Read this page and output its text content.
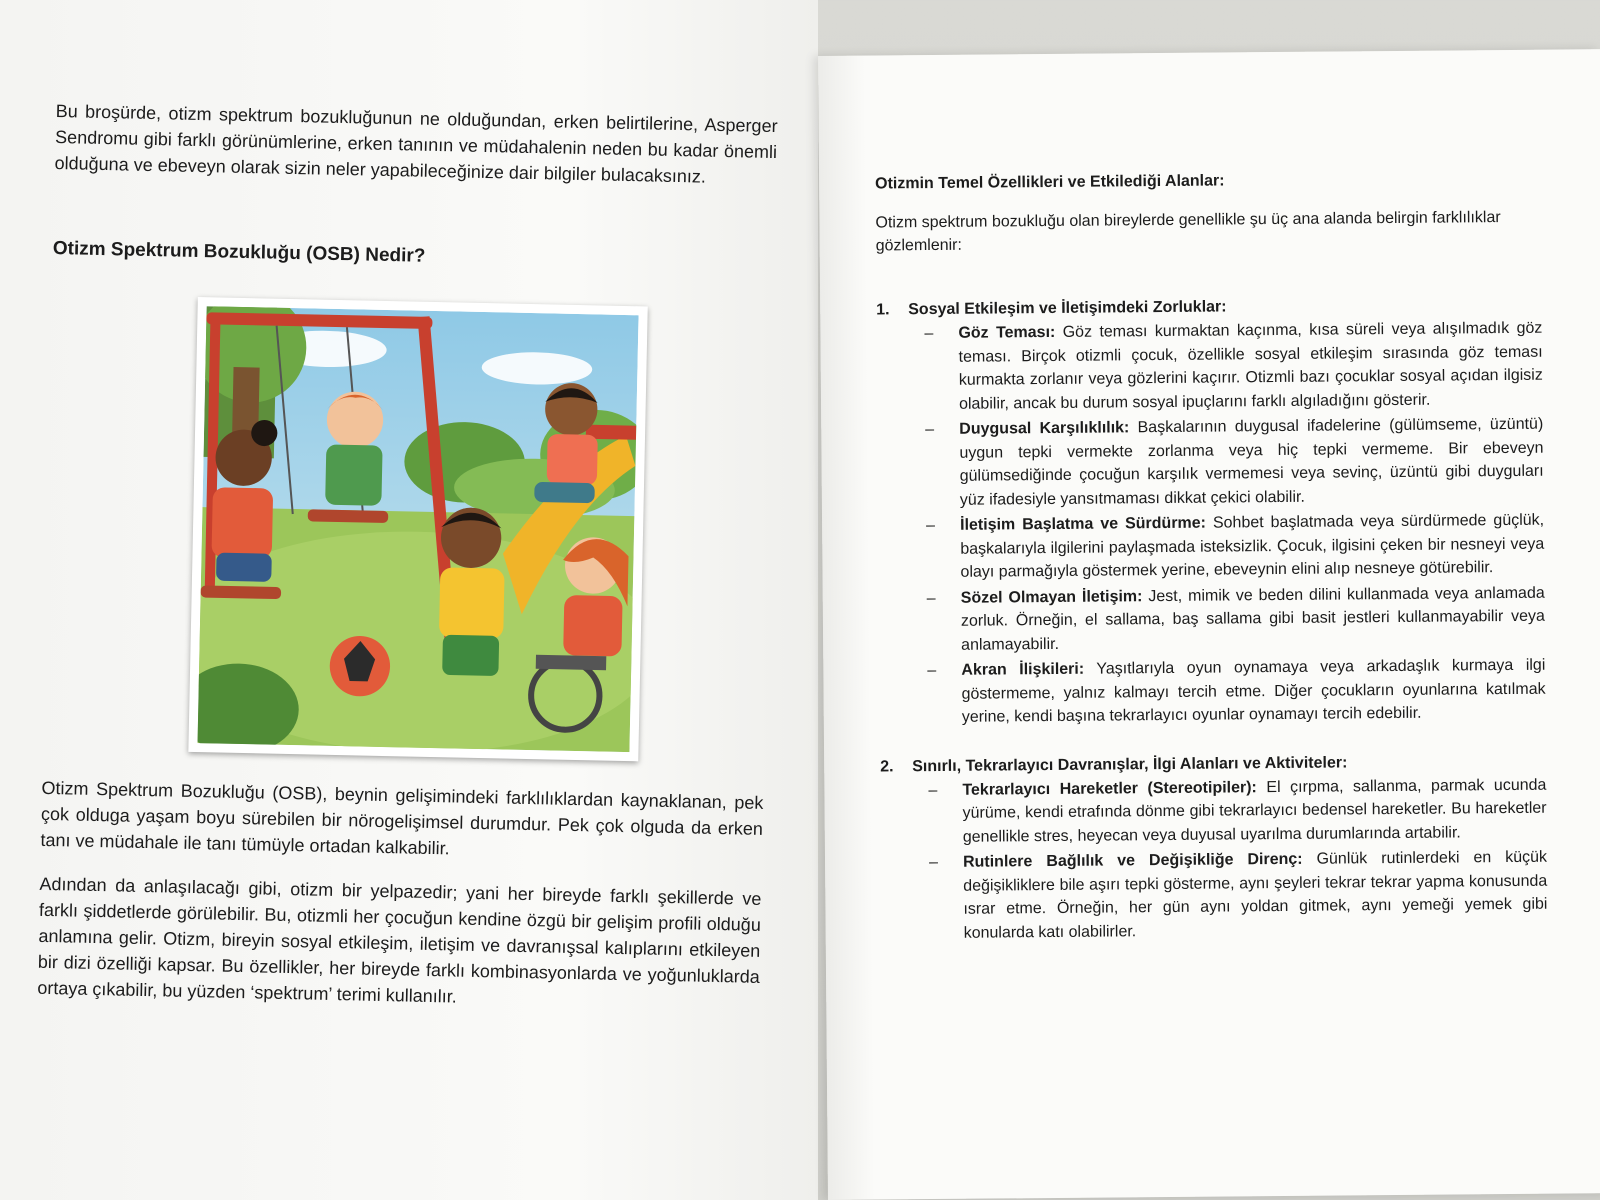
Bu broşürde, otizm spektrum bozukluğunun ne olduğundan, erken belirtilerine, Asperger Sendromu gibi farklı görünümlerine, erken tanının ve müdahalenin neden bu kadar önemli olduğuna ve ebeveyn olarak sizin neler yapabileceğinize dair bilgiler bulacaksınız.

Otizm Spektrum Bozukluğu (OSB) Nedir?

Otizm Spektrum Bozukluğu (OSB), beynin gelişimindeki farklılıklardan kaynaklanan, pek çok olduga yaşam boyu sürebilen bir nörogelişimsel durumdur. Pek çok olguda da erken tanı ve müdahale ile tanı tümüyle ortadan kalkabilir.

Adından da anlaşılacağı gibi, otizm bir yelpazedir; yani her bireyde farklı şekillerde ve farklı şiddetlerde görülebilir. Bu, otizmli her çocuğun kendine özgü bir gelişim profili olduğu anlamına gelir. Otizm, bireyin sosyal etkileşim, iletişim ve davranışsal kalıplarını etkileyen bir dizi özelliği kapsar. Bu özellikler, her bireyde farklı kombinasyonlarda ve yoğunluklarda ortaya çıkabilir, bu yüzden ‘spektrum’ terimi kullanılır.

Otizmin Temel Özellikleri ve Etkilediği Alanlar:

Otizm spektrum bozukluğu olan bireylerde genellikle şu üç ana alanda belirgin farklılıklar gözlemlenir:

1.	Sosyal Etkileşim ve İletişimdeki Zorluklar:
–	Göz Teması: Göz teması kurmaktan kaçınma, kısa süreli veya alışılmadık göz teması. Birçok otizmli çocuk, özellikle sosyal etkileşim sırasında göz teması kurmakta zorlanır veya gözlerini kaçırır. Otizmli bazı çocuklar sosyal açıdan ilgisiz olabilir, ancak bu durum sosyal ipuçlarını farklı algıladığını gösterir.
–	Duygusal Karşılıklılık: Başkalarının duygusal ifadelerine (gülümseme, üzüntü) uygun tepki vermekte zorlanma veya hiç tepki vermeme. Bir ebeveyn gülümsediğinde çocuğun karşılık vermemesi veya sevinç, üzüntü gibi duyguları yüz ifadesiyle yansıtmaması dikkat çekici olabilir.
–	İletişim Başlatma ve Sürdürme: Sohbet başlatmada veya sürdürmede güçlük, başkalarıyla ilgilerini paylaşmada isteksizlik. Çocuk, ilgisini çeken bir nesneyi veya olayı parmağıyla göstermek yerine, ebeveynin elini alıp nesneye götürebilir.
–	Sözel Olmayan İletişim: Jest, mimik ve beden dilini kullanmada veya anlamada zorluk. Örneğin, el sallama, baş sallama gibi basit jestleri kullanmayabilir veya anlamayabilir.
–	Akran İlişkileri: Yaşıtlarıyla oyun oynamaya veya arkadaşlık kurmaya ilgi göstermeme, yalnız kalmayı tercih etme. Diğer çocukların oyunlarına katılmak yerine, kendi başına tekrarlayıcı oyunlar oynamayı tercih edebilir.
2.	Sınırlı, Tekrarlayıcı Davranışlar, İlgi Alanları ve Aktiviteler:
–	Tekrarlayıcı Hareketler (Stereotipiler): El çırpma, sallanma, parmak ucunda yürüme, kendi etrafında dönme gibi tekrarlayıcı bedensel hareketler. Bu hareketler genellikle stres, heyecan veya duyusal uyarılma durumlarında artabilir.
–	Rutinlere Bağlılık ve Değişikliğe Direnç: Günlük rutinlerdeki en küçük değişikliklere bile aşırı tepki gösterme, aynı şeyleri tekrar tekrar yapma konusunda ısrar etme. Örneğin, her gün aynı yoldan gitmek, aynı yemeği yemek gibi konularda katı olabilirler.
